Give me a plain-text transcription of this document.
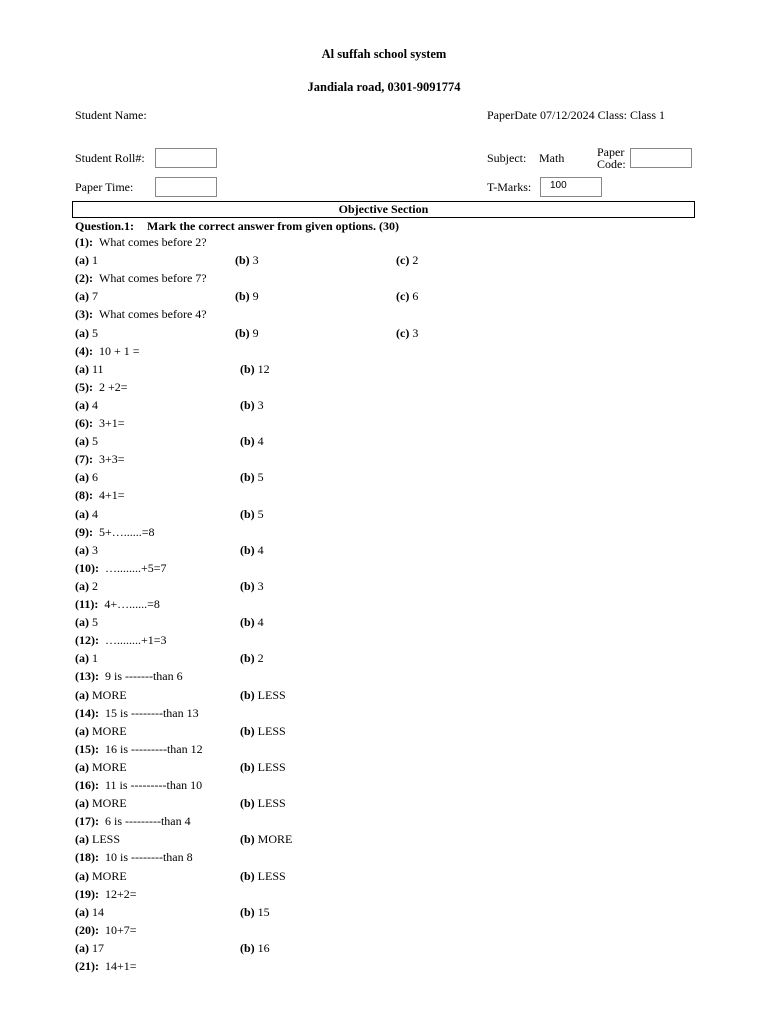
Al suffah school system
Jandiala road, 0301-9091774
Student Name:	PaperDate 07/12/2024 Class: Class 1
Student Roll#:	Subject: Math	Paper
Code:
Paper Time:	T-Marks: 100
Objective Section
Question.1: Mark the correct answer from given options. (30)
(1): What comes before 2?
(a) 1	(b) 3	(c) 2
(2): What comes before 7?
(a) 7	(b) 9	(c) 6
(3): What comes before 4?
(a) 5	(b) 9	(c) 3
(4): 10 + 1 =
(a) 11	(b) 12
(5): 2 +2=
(a) 4	(b) 3
(6): 3+1=
(a) 5	(b) 4
(7): 3+3=
(a) 6	(b) 5
(8): 4+1=
(a) 4	(b) 5
(9): 5+…......=8
(a) 3	(b) 4
(10): …........+5=7
(a) 2	(b) 3
(11): 4+…......=8
(a) 5	(b) 4
(12): …........+1=3
(a) 1	(b) 2
(13): 9 is -------than 6
(a) MORE	(b) LESS
(14): 15 is --------than 13
(a) MORE	(b) LESS
(15): 16 is ---------than 12
(a) MORE	(b) LESS
(16): 11 is ---------than 10
(a) MORE	(b) LESS
(17): 6 is ---------than 4
(a) LESS	(b) MORE
(18): 10 is --------than 8
(a) MORE	(b) LESS
(19): 12+2=
(a) 14	(b) 15
(20): 10+7=
(a) 17	(b) 16
(21): 14+1=
